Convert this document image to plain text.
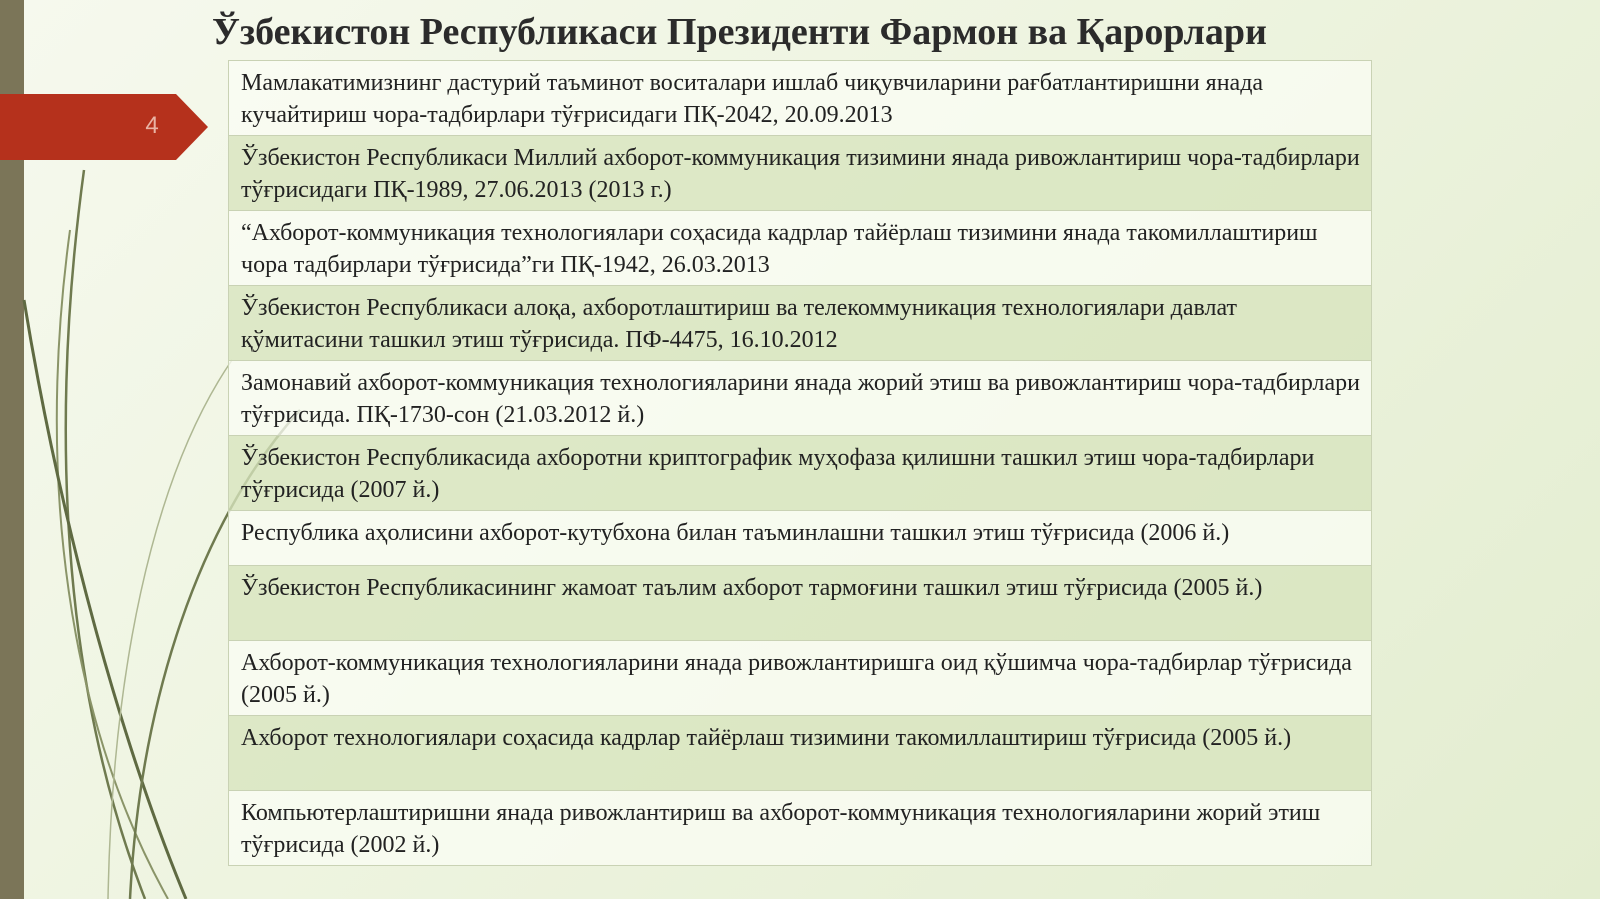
4
Ўзбекистон Республикаси Президенти Фармон ва Қарорлари
Мамлакатимизнинг дастурий таъминот воситалари ишлаб чиқувчиларини рағбатлантиришни янада кучайтириш чора-тадбирлари тўғрисидаги ПҚ-2042, 20.09.2013
Ўзбекистон Республикаси Миллий ахборот-коммуникация тизимини янада ривожлантириш чора-тадбирлари тўғрисидаги ПҚ-1989, 27.06.2013 (2013 г.)
“Ахборот-коммуникация технологиялари соҳасида кадрлар тайёрлаш тизимини янада такомиллаштириш чора тадбирлари тўғрисида”ги ПҚ-1942, 26.03.2013
Ўзбекистон Республикаси алоқа, ахборотлаштириш ва телекоммуникация технологиялари давлат қўмитасини ташкил этиш тўғрисида. ПФ-4475, 16.10.2012
Замонавий ахборот-коммуникация технологияларини янада жорий этиш ва ривожлантириш чора-тадбирлари тўғрисида. ПҚ-1730-сон (21.03.2012 й.)
Ўзбекистон Республикасида ахборотни криптографик муҳофаза қилишни ташкил этиш чора-тадбирлари тўғрисида (2007 й.)
Республика аҳолисини ахборот-кутубхона билан таъминлашни ташкил этиш тўғрисида (2006 й.)
Ўзбекистон Республикасининг жамоат таълим ахборот тармоғини ташкил этиш тўғрисида (2005 й.)
Ахборот-коммуникация технологияларини янада ривожлантиришга оид қўшимча чора-тадбирлар тўғрисида (2005 й.)
Ахборот технологиялари соҳасида кадрлар тайёрлаш тизимини такомиллаштириш тўғрисида (2005 й.)
Компьютерлаштиришни янада ривожлантириш ва ахборот-коммуникация технологияларини жорий этиш тўғрисида (2002 й.)
